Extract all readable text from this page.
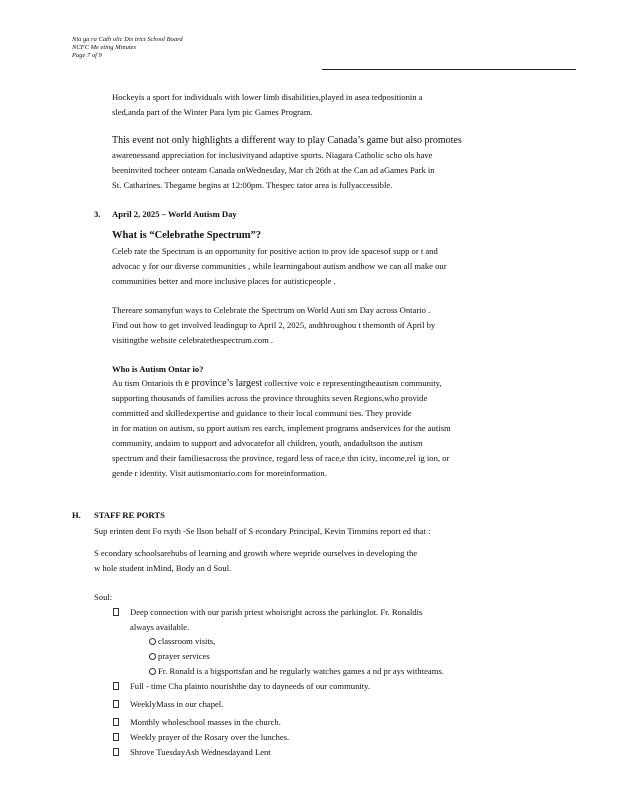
Nia ga ra Cath olic Dis trict School Board
NCFC Me eting Minutes
Page 7 of 9
Hockeyis a sport for individuals with lower limb disabilities,played in asea tedpositionin a
sled,anda part of the Winter Para lym pic Games Program.
This event not only highlights a different way to play Canada’s game but also promotes
awarenessand appreciation for inclusivityand adaptive sports. Niagara Catholic scho ols have
beeninvited tocheer onteam Canada onWednesday, Mar ch 26th at the Can ad aGames Park in
St. Catharines. Thegame begins at 12:00pm. Thespec tator area is fullyaccessible.
3. April 2, 2025 – World Autism Day
What is “Celebrathe Spectrum”?
Celeb rate the Spectrum is an opportunity for positive action to prov ide spacesof supp or t and
advocac y for our diverse communities , while learningabout autism andhow we can all make our
communities better and more inclusive places for autisticpeople .
Thereare somanyfun ways to Celebrate the Spectrum on World Auti sm Day across Ontario .
Find out how to get involved leadingup to April 2, 2025, andthroughou t themonth of April by
visitingthe website celebratethespectrum.com .
Who is Autism Ontar io?
Au tism Ontariois th e province’s largest collective voic e representingtheautism community,
supporting thousands of families across the province throughits seven Regions,who provide
committed and skilledexpertise and guidance to their local communi ties. They provide
in for mation on autism, su pport autism res earch, implement programs andservices for the autism
community, andaim to support and advocatefor all children, youth, andadultson the autism
spectrum and their familiesacross the province, regard less of race,e thn icity, income,rel ig ion, or
gende r identity. Visit autismontario.com for moreinformation.
H. STAFF RE PORTS
Sup erinten dent Fo rsyth -Se llson behalf of S econdary Principal, Kevin Timmins report ed that :
S econdary schoolsarehubs of learning and growth where wepride ourselves in developing the
w hole student inMind, Body an d Soul.
Soul:
Deep connection with our parish priest whoisright across the parkinglot. Fr. Ronaldis
always available.
classroom visits,
prayer services
Fr. Ronald is a bigsportsfan and he regularly watches games a nd pr ays withteams.
Full - time Cha plainto nourishthe day to dayneeds of our community.
WeeklyMass in our chapel.
Monthly wholeschool masses in the church.
Weekly prayer of the Rosary over the lunches.
Shrove TuesdayAsh Wednesdayand Lent
